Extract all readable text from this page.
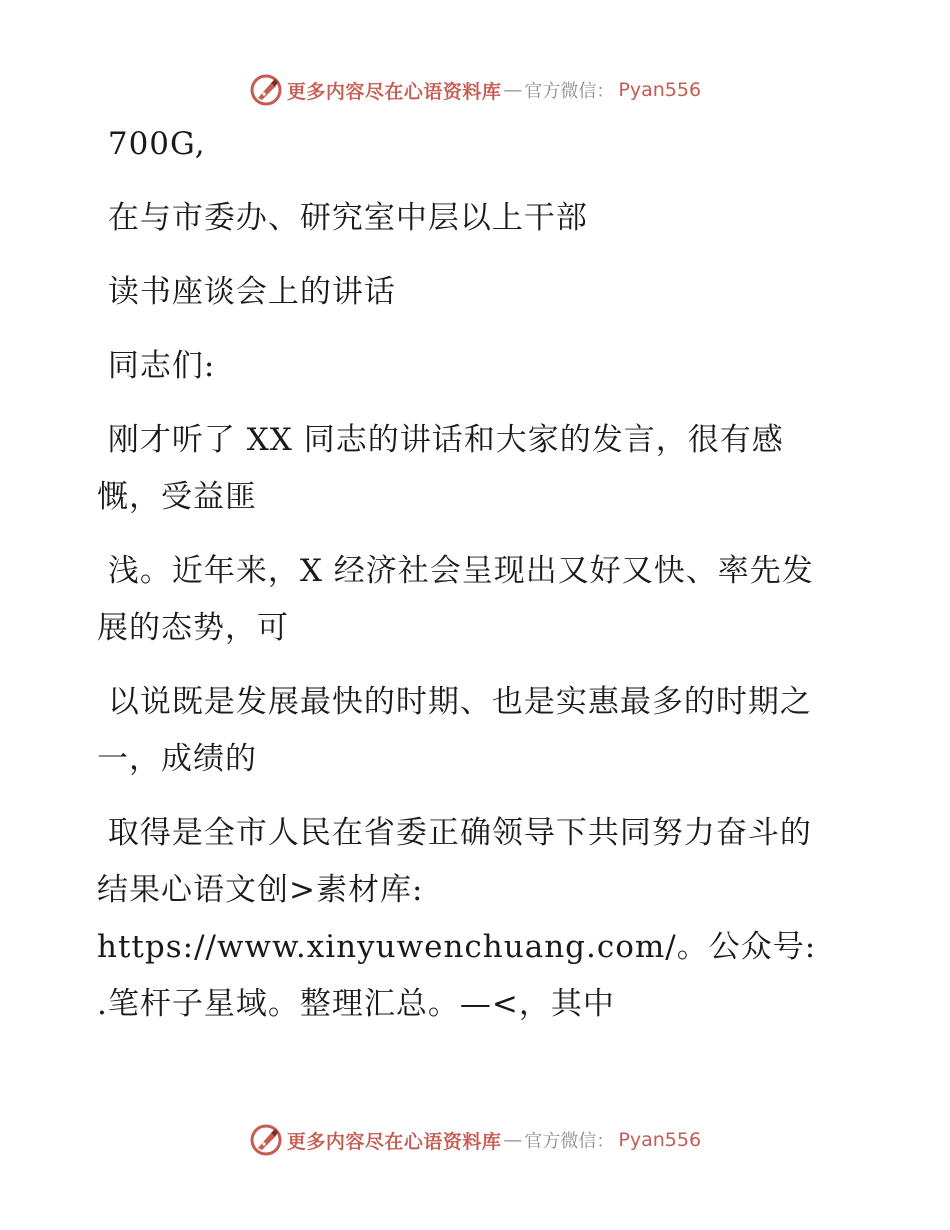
更多内容尽在心语资料库 — 官方微信： Pyan556

700G,

在与市委办、研究室中层以上干部

读书座谈会上的讲话

同志们:

刚才听了 XX 同志的讲话和大家的发言，很有感慨，受益匪

浅。近年来，X 经济社会呈现出又好又快、率先发展的态势，可

以说既是发展最快的时期、也是实惠最多的时期之一，成绩的

取得是全市人民在省委正确领导下共同努力奋斗的结果心语文创>素材库: https://www.xinyuwenchuang.com/。公众号: .笔杆子星域。整理汇总。—<，其中

更多内容尽在心语资料库 — 官方微信： Pyan556
